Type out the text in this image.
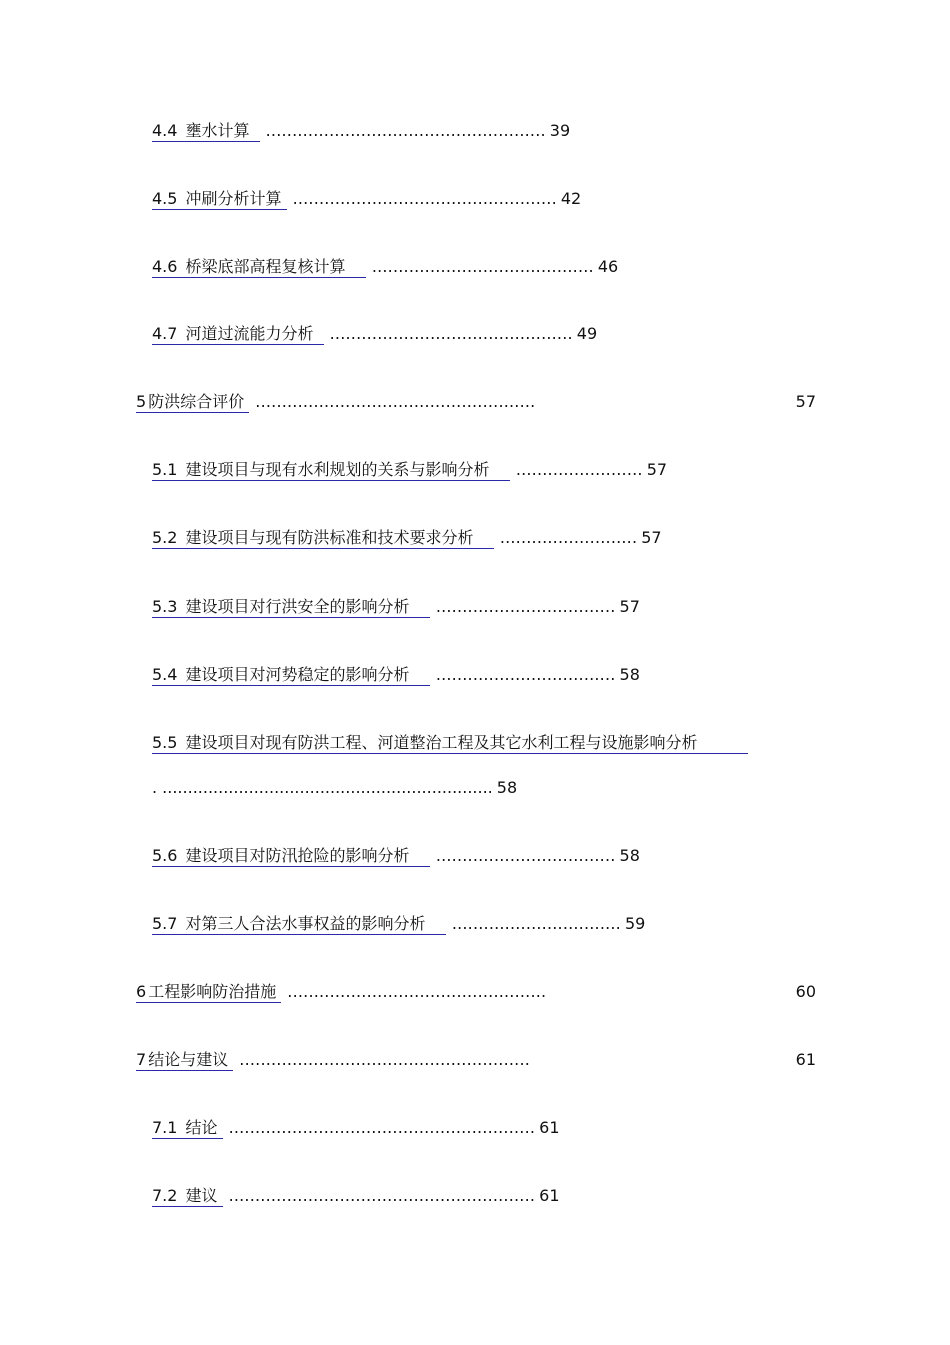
4.4 壅水计算 ..................................................... 39
4.5 冲刷分析计算 .................................................. 42
4.6 桥梁底部高程复核计算 .......................................... 46
4.7 河道过流能力分析 .............................................. 49
5 防洪综合评价 .....................................................	57
5.1 建设项目与现有水利规划的关系与影响分析 ........................ 57
5.2 建设项目与现有防洪标准和技术要求分析 .......................... 57
5.3 建设项目对行洪安全的影响分析 .................................. 57
5.4 建设项目对河势稳定的影响分析 .................................. 58
5.5 建设项目对现有防洪工程、河道整治工程及其它水利工程与设施影响分析
. ................................................................. 58
5.6 建设项目对防汛抢险的影响分析 .................................. 58
5.7 对第三人合法水事权益的影响分析 ................................ 59
6 工程影响防治措施 .................................................	60
7 结论与建议 .......................................................	61
7.1 结论 .......................................................... 61
7.2 建议 .......................................................... 61
